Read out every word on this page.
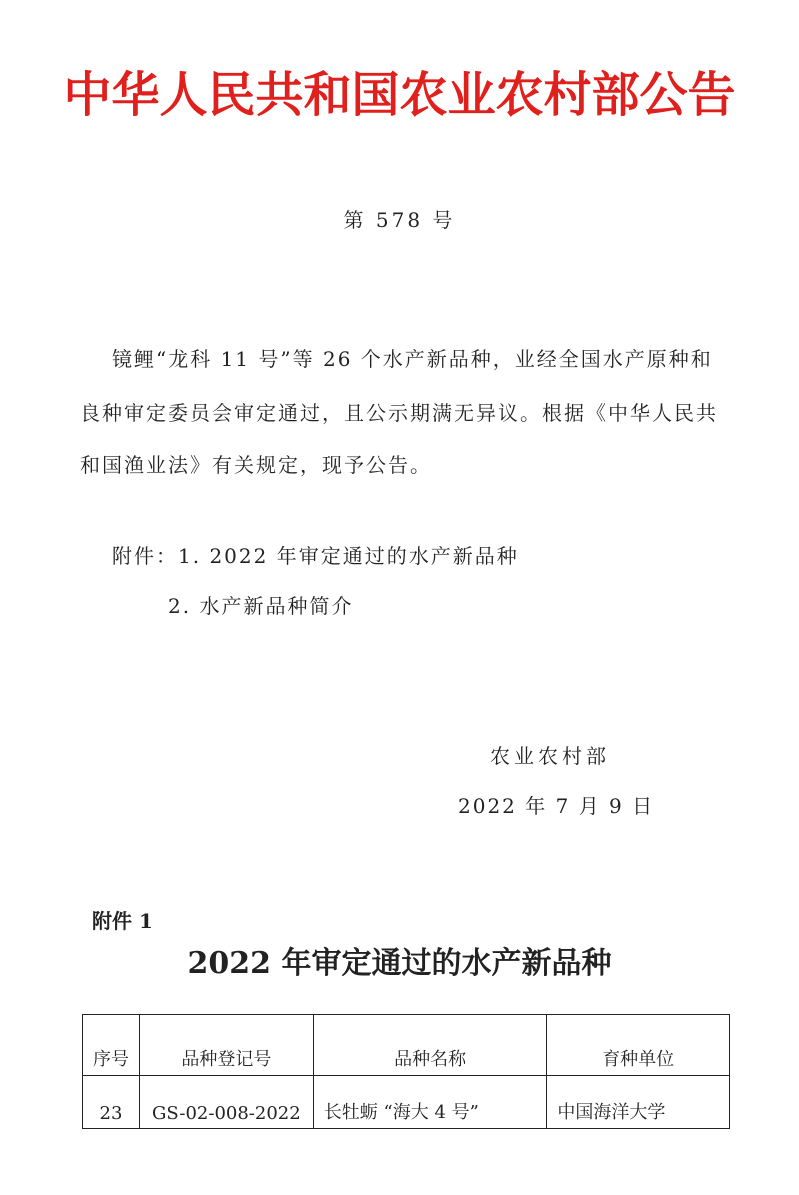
中华人民共和国农业农村部公告
第 578 号
镜鲤“龙科 11 号”等 26 个水产新品种，业经全国水产原种和
良种审定委员会审定通过，且公示期满无异议。根据《中华人民共
和国渔业法》有关规定，现予公告。
附件：1. 2022 年审定通过的水产新品种
2. 水产新品种简介
农业农村部
2022 年 7 月 9 日
附件 1
2022 年审定通过的水产新品种
序号	品种登记号	品种名称	育种单位
23	GS-02-008-2022	长牡蛎 “海大 4 号”	中国海洋大学
